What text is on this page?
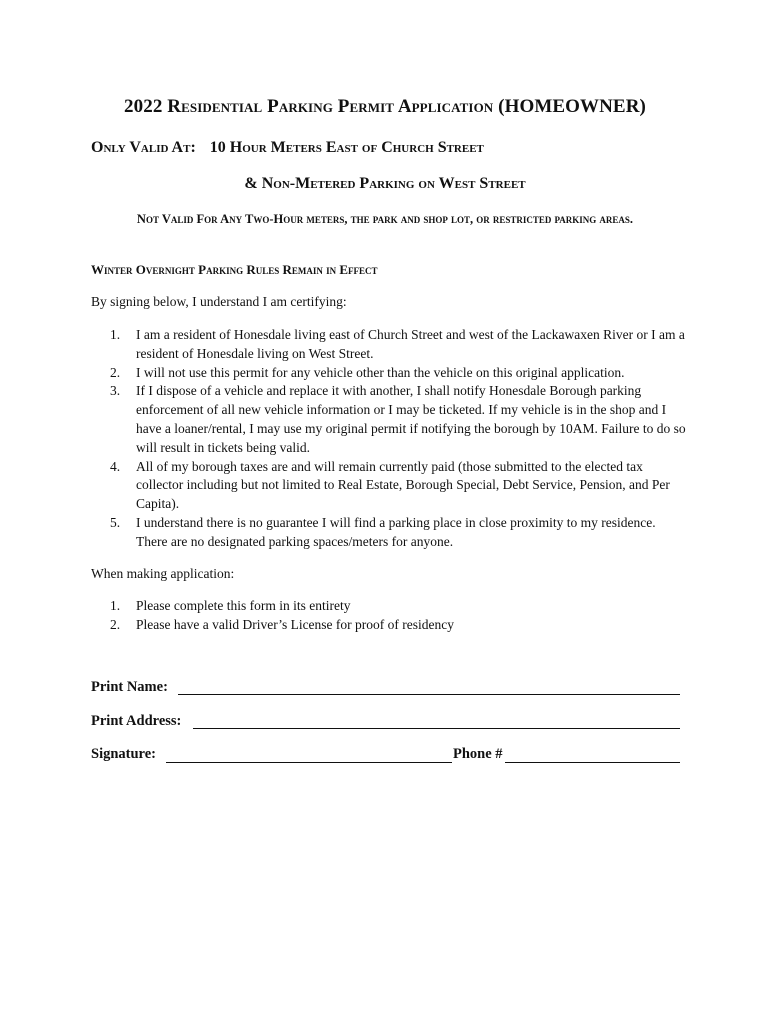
2022 Residential Parking Permit Application (HOMEOWNER)
Only Valid At: 10 Hour Meters East of Church Street
& Non-Metered Parking on West Street
Not Valid For Any Two-Hour meters, the park and shop lot, or restricted parking areas.
Winter Overnight Parking Rules Remain in Effect
By signing below, I understand I am certifying:
1. I am a resident of Honesdale living east of Church Street and west of the Lackawaxen River or I am a resident of Honesdale living on West Street.
2. I will not use this permit for any vehicle other than the vehicle on this original application.
3. If I dispose of a vehicle and replace it with another, I shall notify Honesdale Borough parking enforcement of all new vehicle information or I may be ticketed. If my vehicle is in the shop and I have a loaner/rental, I may use my original permit if notifying the borough by 10AM. Failure to do so will result in tickets being valid.
4. All of my borough taxes are and will remain currently paid (those submitted to the elected tax collector including but not limited to Real Estate, Borough Special, Debt Service, Pension, and Per Capita).
5. I understand there is no guarantee I will find a parking place in close proximity to my residence. There are no designated parking spaces/meters for anyone.
When making application:
1. Please complete this form in its entirety
2. Please have a valid Driver’s License for proof of residency
Print Name:
Print Address:
Signature:	Phone #
